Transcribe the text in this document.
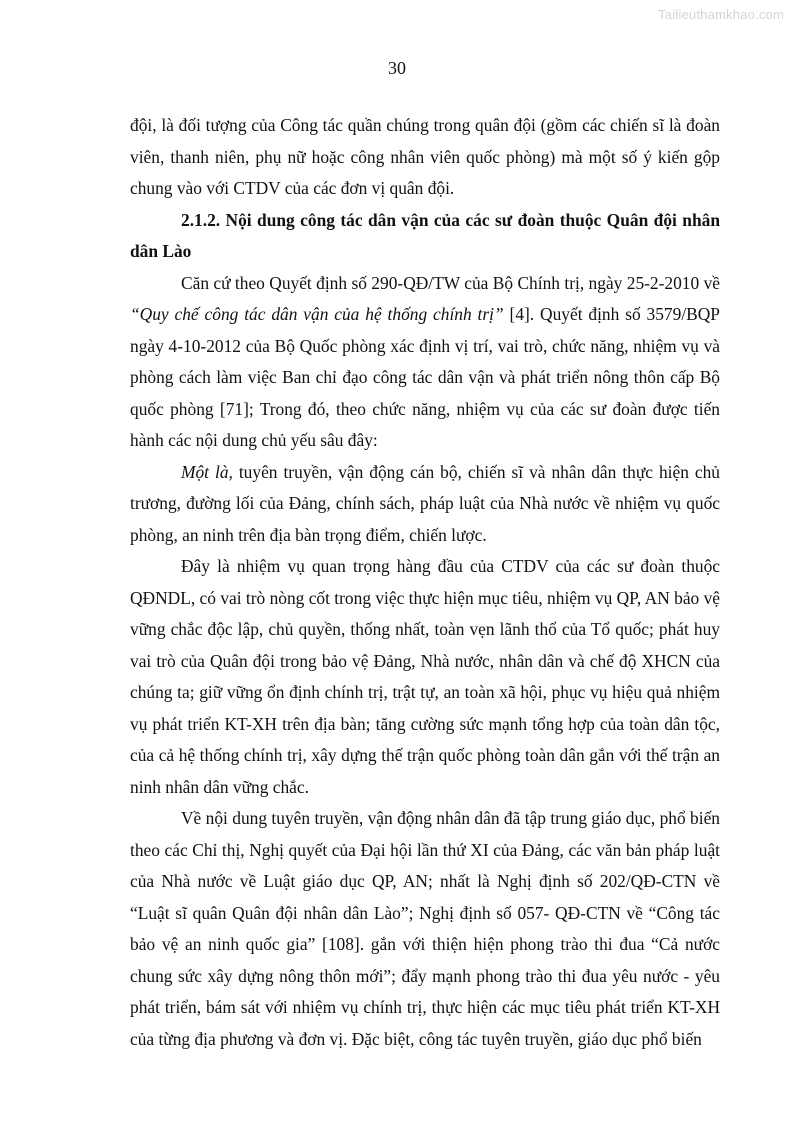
Tailieuthamkhao.com
30

đội, là đối tượng của Công tác quần chúng trong quân đội (gồm các chiến sĩ là đoàn viên, thanh niên, phụ nữ hoặc công nhân viên quốc phòng) mà một số ý kiến gộp chung vào với CTDV của các đơn vị quân đội.

2.1.2. Nội dung công tác dân vận của các sư đoàn thuộc Quân đội nhân dân Lào

Căn cứ theo Quyết định số 290-QĐ/TW của Bộ Chính trị, ngày 25-2-2010 về “Quy chế công tác dân vận của hệ thống chính trị” [4]. Quyết định số 3579/BQP ngày 4-10-2012 của Bộ Quốc phòng xác định vị trí, vai trò, chức năng, nhiệm vụ và phòng cách làm việc Ban chỉ đạo công tác dân vận và phát triển nông thôn cấp Bộ quốc phòng [71]; Trong đó, theo chức năng, nhiệm vụ của các sư đoàn được tiến hành các nội dung chủ yếu sâu đây:

Một là, tuyên truyền, vận động cán bộ, chiến sĩ và nhân dân thực hiện chủ trương, đường lối của Đảng, chính sách, pháp luật của Nhà nước về nhiệm vụ quốc phòng, an ninh trên địa bàn trọng điểm, chiến lược.

Đây là nhiệm vụ quan trọng hàng đầu của CTDV của các sư đoàn thuộc QĐNDL, có vai trò nòng cốt trong việc thực hiện mục tiêu, nhiệm vụ QP, AN bảo vệ vững chắc độc lập, chủ quyền, thống nhất, toàn vẹn lãnh thổ của Tổ quốc; phát huy vai trò của Quân đội trong bảo vệ Đảng, Nhà nước, nhân dân và chế độ XHCN của chúng ta; giữ vững ổn định chính trị, trật tự, an toàn xã hội, phục vụ hiệu quả nhiệm vụ phát triển KT-XH trên địa bàn; tăng cường sức mạnh tổng hợp của toàn dân tộc, của cả hệ thống chính trị, xây dựng thế trận quốc phòng toàn dân gắn với thế trận an ninh nhân dân vững chắc.

Về nội dung tuyên truyền, vận động nhân dân đã tập trung giáo dục, phổ biến theo các Chỉ thị, Nghị quyết của Đại hội lần thứ XI của Đảng, các văn bản pháp luật của Nhà nước về Luật giáo dục QP, AN; nhất là Nghị định số 202/QĐ-CTN về “Luật sĩ quân Quân đội nhân dân Lào”; Nghị định số 057- QĐ-CTN về “Công tác bảo vệ an ninh quốc gia” [108]. gắn với thiện hiện phong trào thi đua “Cả nước chung sức xây dựng nông thôn mới”; đẩy mạnh phong trào thi đua yêu nước - yêu phát triển, bám sát với nhiệm vụ chính trị, thực hiện các mục tiêu phát triển KT-XH của từng địa phương và đơn vị. Đặc biệt, công tác tuyên truyền, giáo dục phổ biến
